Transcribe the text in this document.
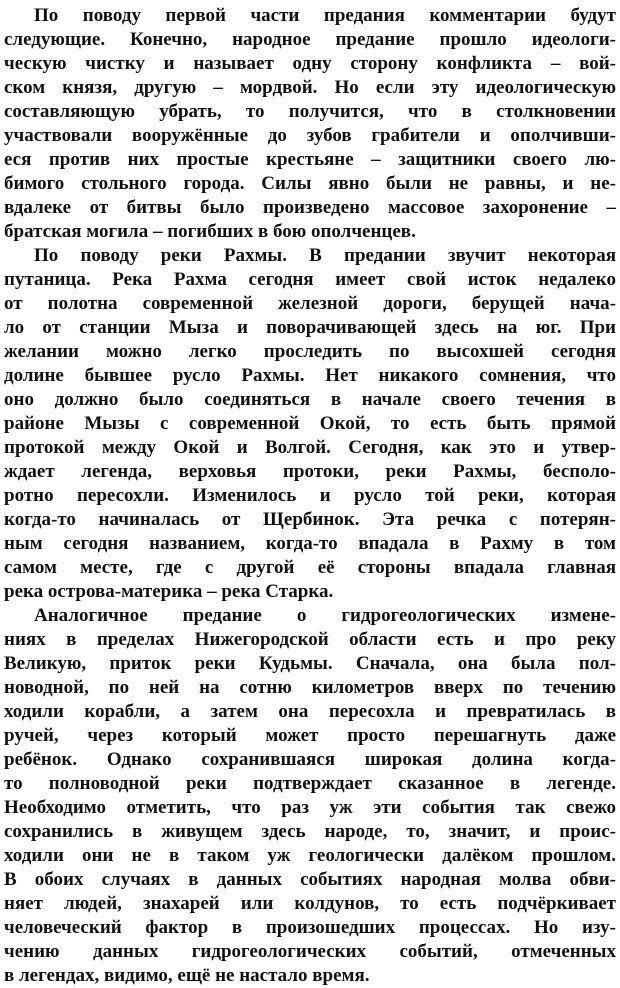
По поводу первой части предания комментарии будут
следующие. Конечно, народное предание прошло идеологи-
ческую чистку и называет одну сторону конфликта – вой-
ском князя, другую – мордвой. Но если эту идеологическую
составляющую убрать, то получится, что в столкновении
участвовали вооружённые до зубов грабители и ополчивши-
еся против них простые крестьяне – защитники своего лю-
бимого стольного города. Силы явно были не равны, и не-
вдалеке от битвы было произведено массовое захоронение –
братская могила – погибших в бою ополченцев.
По поводу реки Рахмы. В предании звучит некоторая
путаница. Река Рахма сегодня имеет свой исток недалеко
от полотна современной железной дороги, берущей нача-
ло от станции Мыза и поворачивающей здесь на юг. При
желании можно легко проследить по высохшей сегодня
долине бывшее русло Рахмы. Нет никакого сомнения, что
оно должно было соединяться в начале своего течения в
районе Мызы с современной Окой, то есть быть прямой
протокой между Окой и Волгой. Сегодня, как это и утвер-
ждает легенда, верховья протоки, реки Рахмы, бесполо-
ротно пересохли. Изменилось и русло той реки, которая
когда-то начиналась от Щербинок. Эта речка с потерян-
ным сегодня названием, когда-то впадала в Рахму в том
самом месте, где с другой её стороны впадала главная
река острова-материка – река Старка.
Аналогичное предание о гидрогеологических измене-
ниях в пределах Нижегородской области есть и про реку
Великую, приток реки Кудьмы. Сначала, она была пол-
новодной, по ней на сотню километров вверх по течению
ходили корабли, а затем она пересохла и превратилась в
ручей, через который может просто перешагнуть даже
ребёнок. Однако сохранившаяся широкая долина когда-
то полноводной реки подтверждает сказанное в легенде.
Необходимо отметить, что раз уж эти события так свежо
сохранились в живущем здесь народе, то, значит, и проис-
ходили они не в таком уж геологически далёком прошлом.
В обоих случаях в данных событиях народная молва обви-
няет людей, знахарей или колдунов, то есть подчёркивает
человеческий фактор в произошедших процессах. Но изу-
чению данных гидрогеологических событий, отмеченных
в легендах, видимо, ещё не настало время.
